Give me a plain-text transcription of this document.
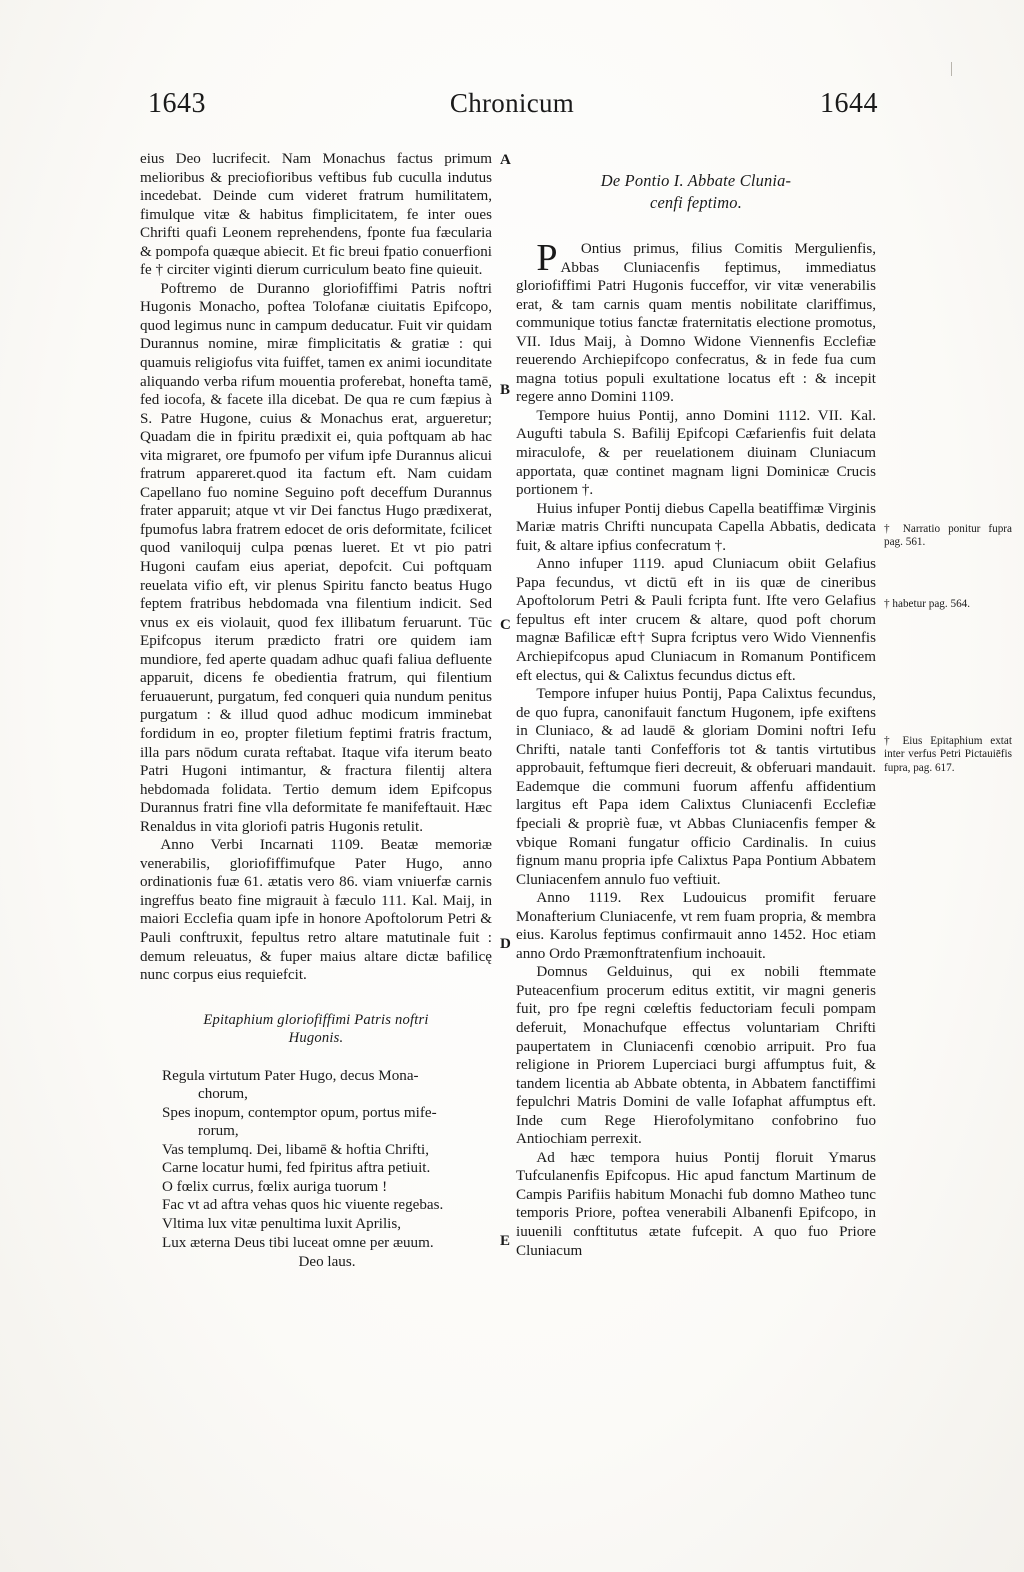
1643	Chronicum	1644
A
B
C
D
E

eius Deo lucrifecit. Nam Monachus factus primum melioribus & preciofioribus veftibus fub cuculla indutus incedebat. Deinde cum videret fratrum humilitatem, fimulque vitæ & habitus fimplicitatem, fe inter oues Chrifti quafi Leonem reprehendens, fponte fua fæcularia & pompofa quæque abiecit. Et fic breui fpatio conuerfioni fe † circiter viginti dierum curriculum beato fine quieuit.

Poftremo de Duranno gloriofiffimi Patris noftri Hugonis Monacho, poftea Tolofanæ ciuitatis Epifcopo, quod legimus nunc in campum deducatur. Fuit vir quidam Durannus nomine, miræ fimplicitatis & gratiæ : qui quamuis religiofus vita fuiffet, tamen ex animi iocunditate aliquando verba rifum mouentia proferebat, honefta tamē, fed iocofa, & facete illa dicebat. De qua re cum fæpius à S. Patre Hugone, cuius & Monachus erat, argueretur; Quadam die in fpiritu prædixit ei, quia poftquam ab hac vita migraret, ore fpumofo per vifum ipfe Durannus alicui fratrum appareret.quod ita factum eft. Nam cuidam Capellano fuo nomine Seguino poft deceffum Durannus frater apparuit; atque vt vir Dei fanctus Hugo prædixerat, fpumofus labra fratrem edocet de oris deformitate, fcilicet quod vaniloquij culpa pœnas lueret. Et vt pio patri Hugoni caufam eius aperiat, depofcit. Cui poftquam reuelata vifio eft, vir plenus Spiritu fancto beatus Hugo feptem fratribus hebdomada vna filentium indicit. Sed vnus ex eis violauit, quod fex illibatum feruarunt. Tūc Epifcopus iterum prædicto fratri ore quidem iam mundiore, fed aperte quadam adhuc quafi faliua defluente apparuit, dicens fe obedientia fratrum, qui filentium feruauerunt, purgatum, fed conqueri quia nundum penitus purgatum : & illud quod adhuc modicum imminebat fordidum in eo, propter filetium feptimi fratris fractum, illa pars nōdum curata reftabat. Itaque vifa iterum beato Patri Hugoni intimantur, & fractura filentij altera hebdomada folidata. Tertio demum idem Epifcopus Durannus fratri fine vlla deformitate fe manifeftauit. Hæc Renaldus in vita gloriofi patris Hugonis retulit.

Anno Verbi Incarnati 1109. Beatæ memoriæ venerabilis, gloriofiffimufque Pater Hugo, anno ordinationis fuæ 61. ætatis vero 86. viam vniuerfæ carnis ingreffus beato fine migrauit à fæculo 111. Kal. Maij, in maiori Ecclefia quam ipfe in honore Apoftolorum Petri & Pauli conftruxit, fepultus retro altare matutinale fuit : demum releuatus, & fuper maius altare dictæ bafilicę nunc corpus eius requiefcit.

Epitaphium gloriofiffimi Patris noftri
Hugonis.
Regula virtutum Pater Hugo, decus Mona-
chorum,
Spes inopum, contemptor opum, portus mife-
rorum,
Vas templumq. Dei, libamē & hoftia Chrifti,
Carne locatur humi, fed fpiritus aftra petiuit.
O fœlix currus, fœlix auriga tuorum !
Fac vt ad aftra vehas quos hic viuente regebas.
Vltima lux vitæ penultima luxit Aprilis,
Lux æterna Deus tibi luceat omne per æuum.
Deo laus.
De Pontio I. Abbate Clunia-
cenfi feptimo.

P Ontius primus, filius Comitis Mergulienfis, Abbas Cluniacenfis feptimus, immediatus gloriofiffimi Patri Hugonis fucceffor, vir vitæ venerabilis erat, & tam carnis quam mentis nobilitate clariffimus, communique totius fanctæ fraternitatis electione promotus, VII. Idus Maij, à Domno Widone Viennenfis Ecclefiæ reuerendo Archiepifcopo confecratus, & in fede fua cum magna totius populi exultatione locatus eft : & incepit regere anno Domini 1109.

Tempore huius Pontij, anno Domini 1112. VII. Kal. Augufti tabula S. Bafilij Epifcopi Cæfarienfis fuit delata miraculofe, & per reuelationem diuinam Cluniacum apportata, quæ continet magnam ligni Dominicæ Crucis portionem †.

Huius infuper Pontij diebus Capella beatiffimæ Virginis Mariæ matris Chrifti nuncupata Capella Abbatis, dedicata fuit, & altare ipfius confecratum †.

Anno infuper 1119. apud Cluniacum obiit Gelafius Papa fecundus, vt dictū eft in iis quæ de cineribus Apoftolorum Petri & Pauli fcripta funt. Ifte vero Gelafius fepultus eft inter crucem & altare, quod poft chorum magnæ Bafilicæ eft† Supra fcriptus vero Wido Viennenfis Archiepifcopus apud Cluniacum in Romanum Pontificem eft electus, qui & Calixtus fecundus dictus eft.

Tempore infuper huius Pontij, Papa Calixtus fecundus, de quo fupra, canonifauit fanctum Hugonem, ipfe exiftens in Cluniaco, & ad laudē & gloriam Domini noftri Iefu Chrifti, natale tanti Confefforis tot & tantis virtutibus approbauit, feftumque fieri decreuit, & obferuari mandauit. Eademque die communi fuorum affenfu affidentium largitus eft Papa idem Calixtus Cluniacenfi Ecclefiæ fpeciali & propriè fuæ, vt Abbas Cluniacenfis femper & vbique Romani fungatur officio Cardinalis. In cuius fignum manu propria ipfe Calixtus Papa Pontium Abbatem Cluniacenfem annulo fuo veftiuit.

Anno 1119. Rex Ludouicus promifit feruare Monafterium Cluniacenfe, vt rem fuam propria, & membra eius. Karolus feptimus confirmauit anno 1452. Hoc etiam anno Ordo Præmonftratenfium inchoauit.

Domnus Gelduinus, qui ex nobili ftemmate Puteacenfium procerum editus extitit, vir magni generis fuit, pro fpe regni cœleftis feductoriam feculi pompam deferuit, Monachufque effectus voluntariam Chrifti paupertatem in Cluniacenfi cœnobio arripuit. Pro fua religione in Priorem Luperciaci burgi affumptus fuit, & tandem licentia ab Abbate obtenta, in Abbatem fanctiffimi fepulchri Matris Domini de valle Iofaphat affumptus eft. Inde cum Rege Hierofolymitano confobrino fuo Antiochiam perrexit.

Ad hæc tempora huius Pontij floruit Ymarus Tufculanenfis Epifcopus. Hic apud fanctum Martinum de Campis Parifiis habitum Monachi fub domno Matheo tunc temporis Priore, poftea venerabili Albanenfi Epifcopo, in iuuenili conftitutus ætate fufcepit. A quo fuo Priore Cluniacum

† Narratio ponitur fupra pag. 561.
† habetur pag. 564.
† Eius Epitaphium extat inter verfus Petri Pictauiēfis fupra, pag. 617.
